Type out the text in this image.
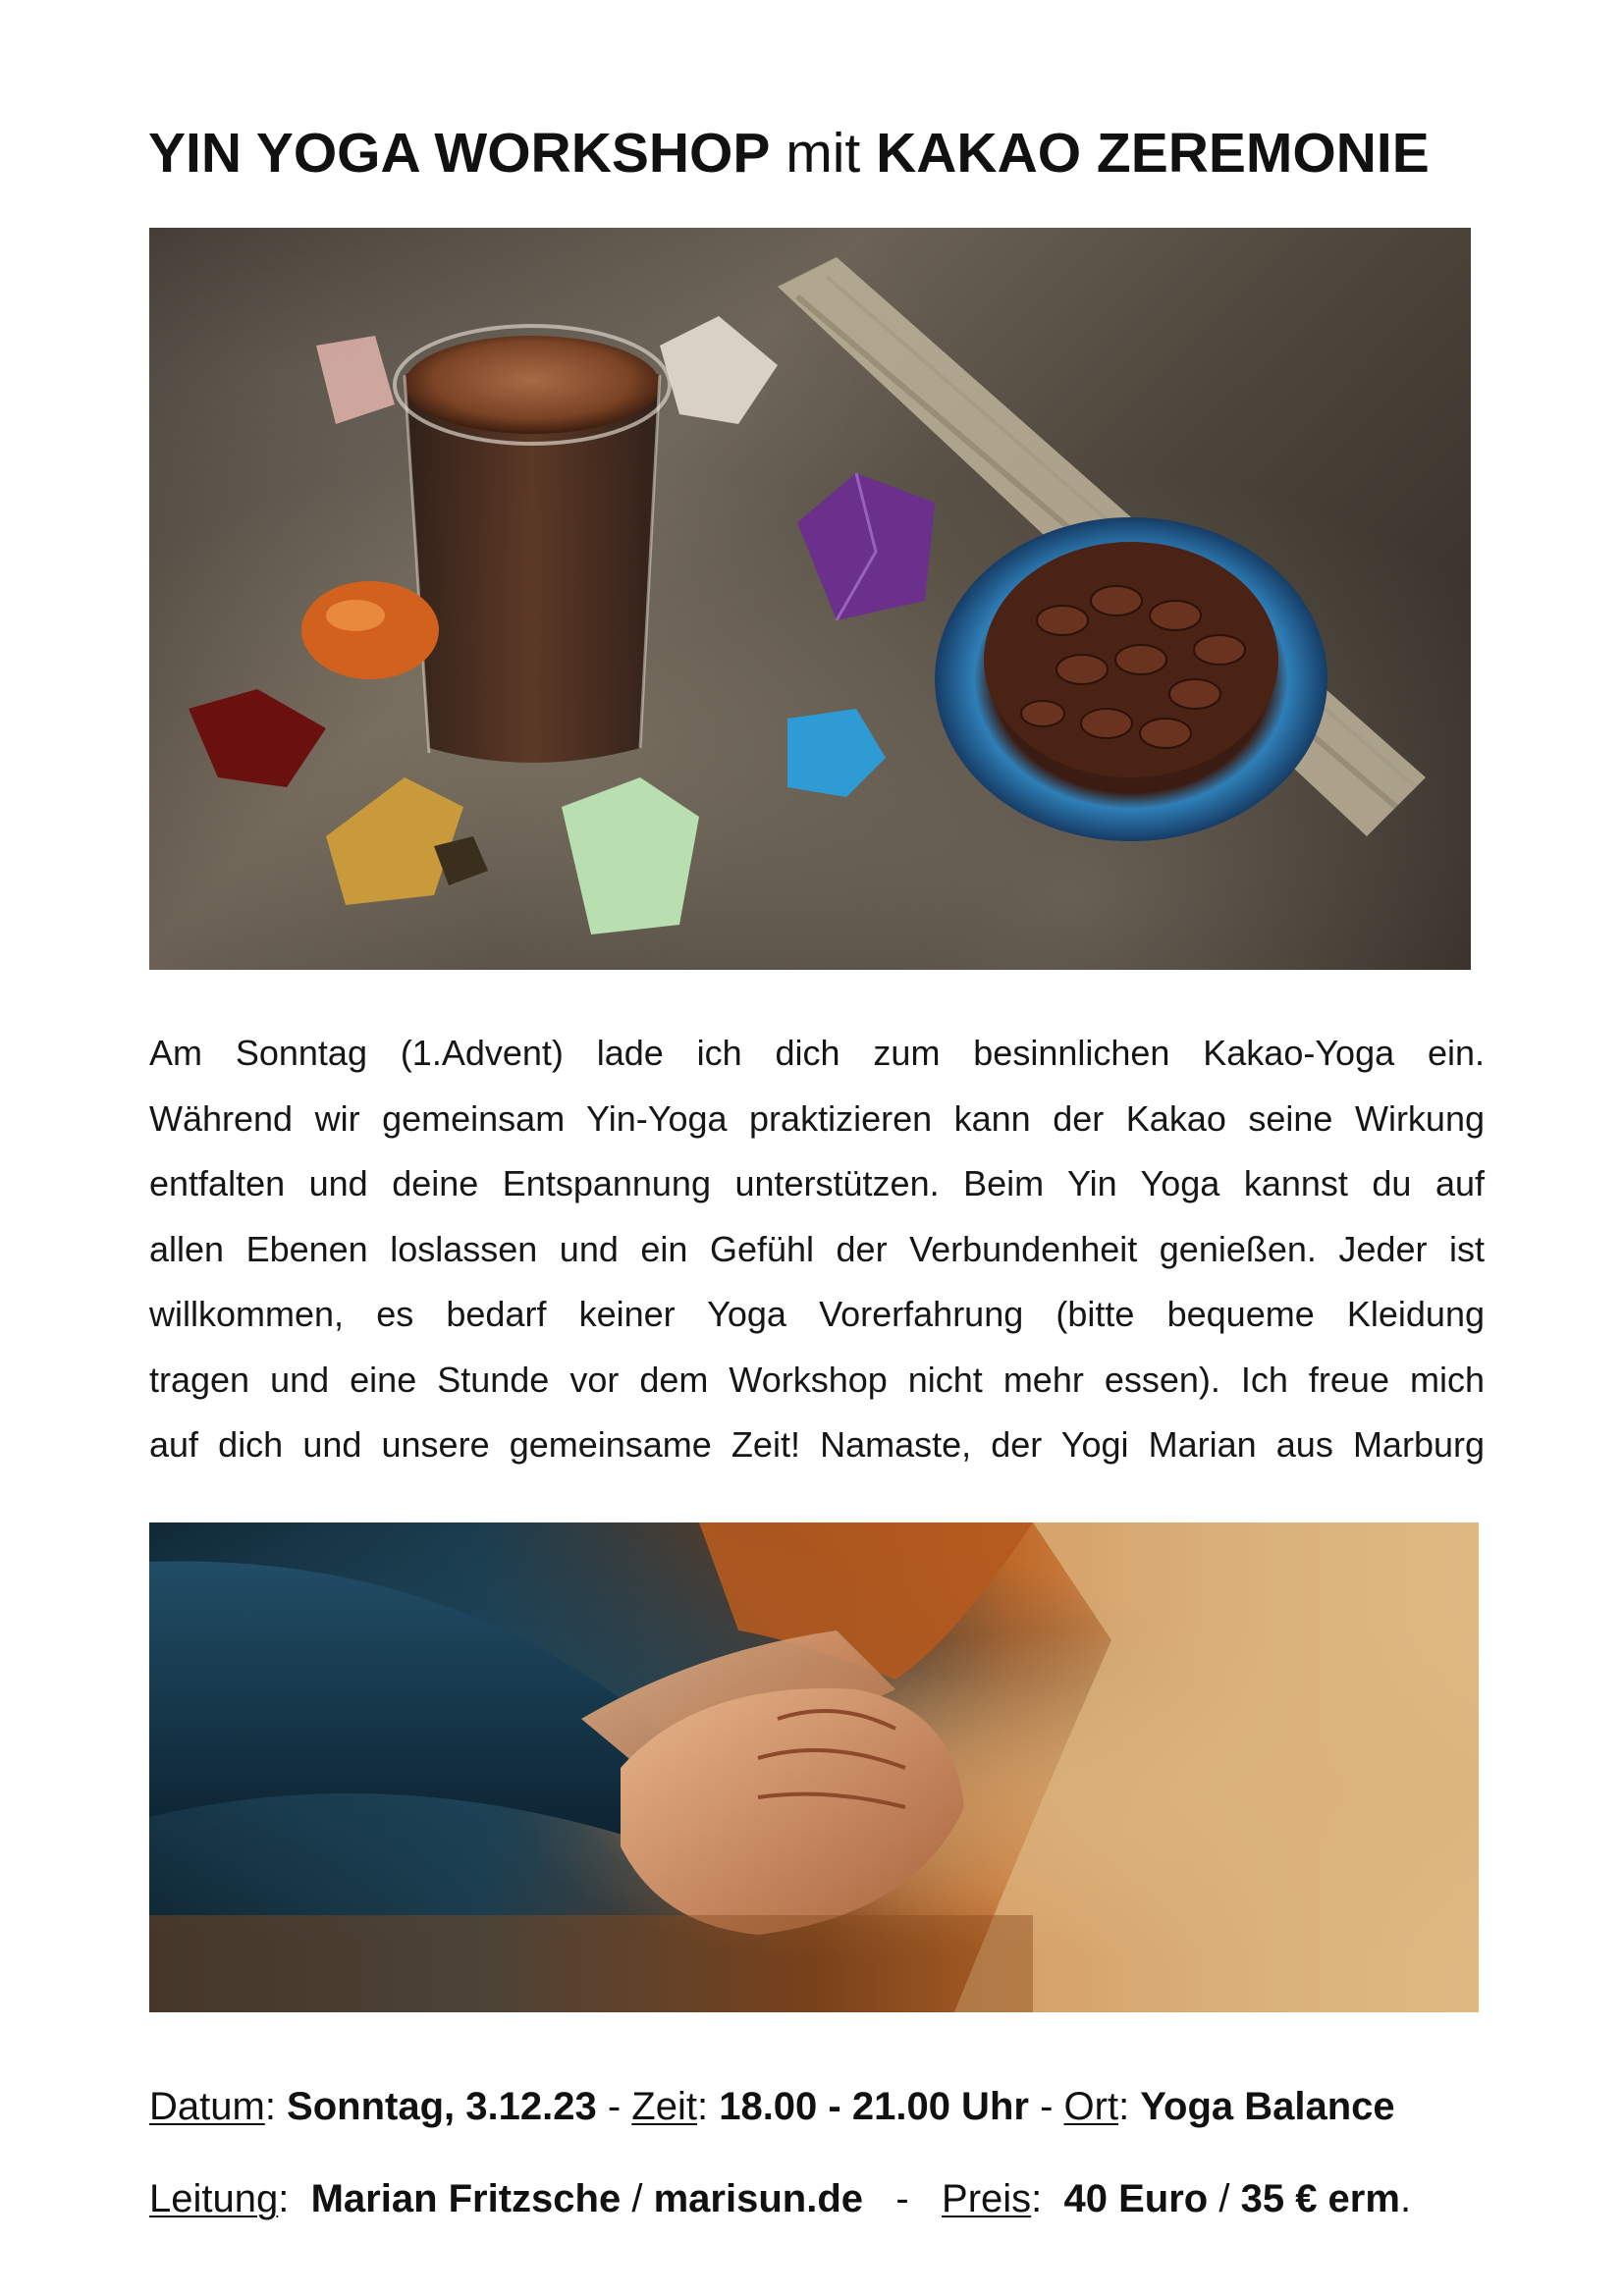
YIN YOGA WORKSHOP mit KAKAO ZEREMONIE
Am Sonntag (1.Advent) lade ich dich zum besinnlichen Kakao-Yoga ein.
Während wir gemeinsam Yin-Yoga praktizieren kann der Kakao seine Wirkung
entfalten und deine Entspannung unterstützen. Beim Yin Yoga kannst du auf
allen Ebenen loslassen und ein Gefühl der Verbundenheit genießen. Jeder ist
willkommen, es bedarf keiner Yoga Vorerfahrung (bitte bequeme Kleidung
tragen und eine Stunde vor dem Workshop nicht mehr essen). Ich freue mich
auf dich und unsere gemeinsame Zeit! Namaste, der Yogi Marian aus Marburg
Datum: Sonntag, 3.12.23 - Zeit: 18.00 - 21.00 Uhr - Ort: Yoga Balance
Leitung:  Marian Fritzsche / marisun.de   -   Preis:  40 Euro / 35 € erm.
